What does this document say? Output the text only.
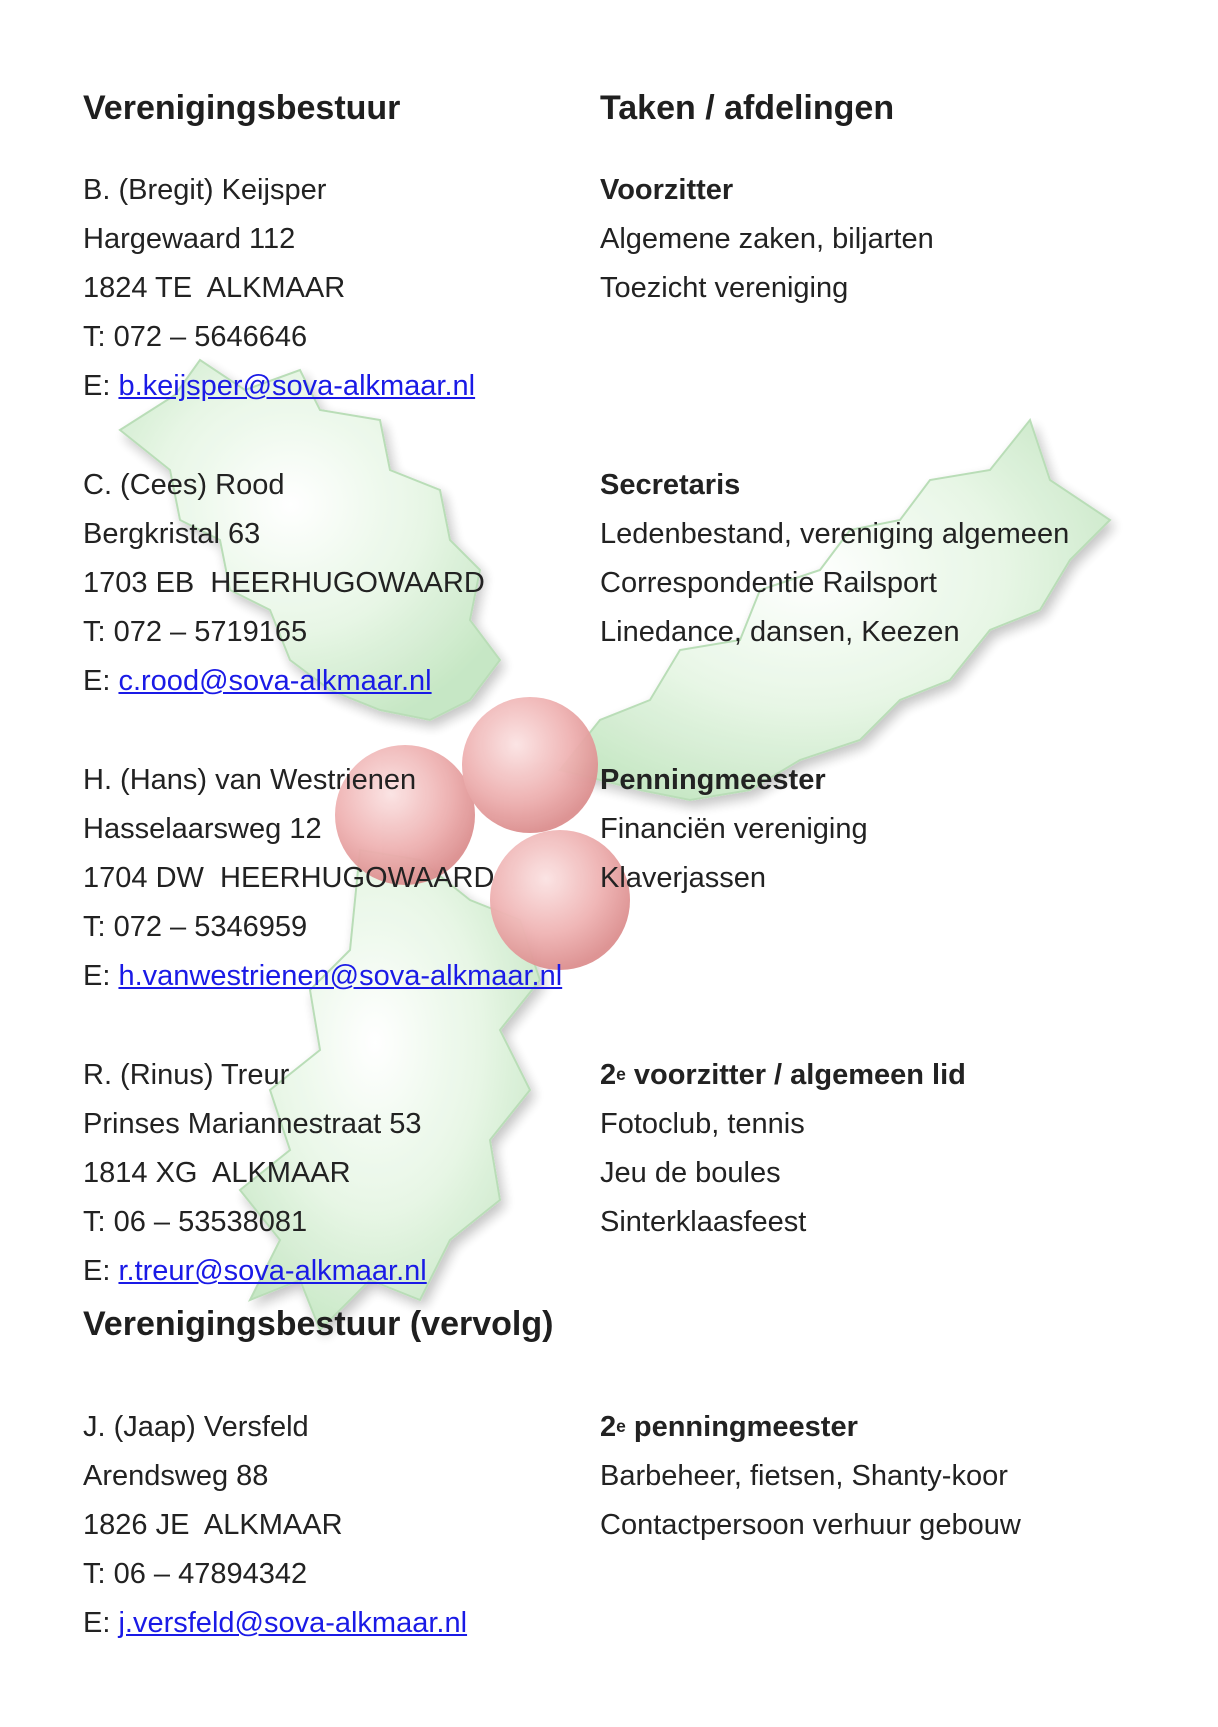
Verenigingsbestuur	Taken / afdelingen

B. (Bregit) Keijsper

Hargewaard 112

1824 TE  ALKMAAR

T: 072 – 5646646

E: b.keijsper@sova-alkmaar.nl

Voorzitter

Algemene zaken, biljarten

Toezicht vereniging

C. (Cees) Rood

Bergkristal 63

1703 EB  HEERHUGOWAARD

T: 072 – 5719165

E: c.rood@sova-alkmaar.nl

Secretaris

Ledenbestand, vereniging algemeen

Correspondentie Railsport

Linedance, dansen, Keezen

H. (Hans) van Westrienen

Hasselaarsweg 12

1704 DW  HEERHUGOWAARD

T: 072 – 5346959

E: h.vanwestrienen@sova-alkmaar.nl

Penningmeester

Financiën vereniging

Klaverjassen

R. (Rinus) Treur

Prinses Mariannestraat 53

1814 XG  ALKMAAR

T: 06 – 53538081

E: r.treur@sova-alkmaar.nl

2e voorzitter / algemeen lid

Fotoclub, tennis

Jeu de boules

Sinterklaasfeest

Verenigingsbestuur (vervolg)

J. (Jaap) Versfeld

Arendsweg 88

1826 JE  ALKMAAR

T: 06 – 47894342

E: j.versfeld@sova-alkmaar.nl

2e penningmeester

Barbeheer, fietsen, Shanty-koor

Contactpersoon verhuur gebouw
